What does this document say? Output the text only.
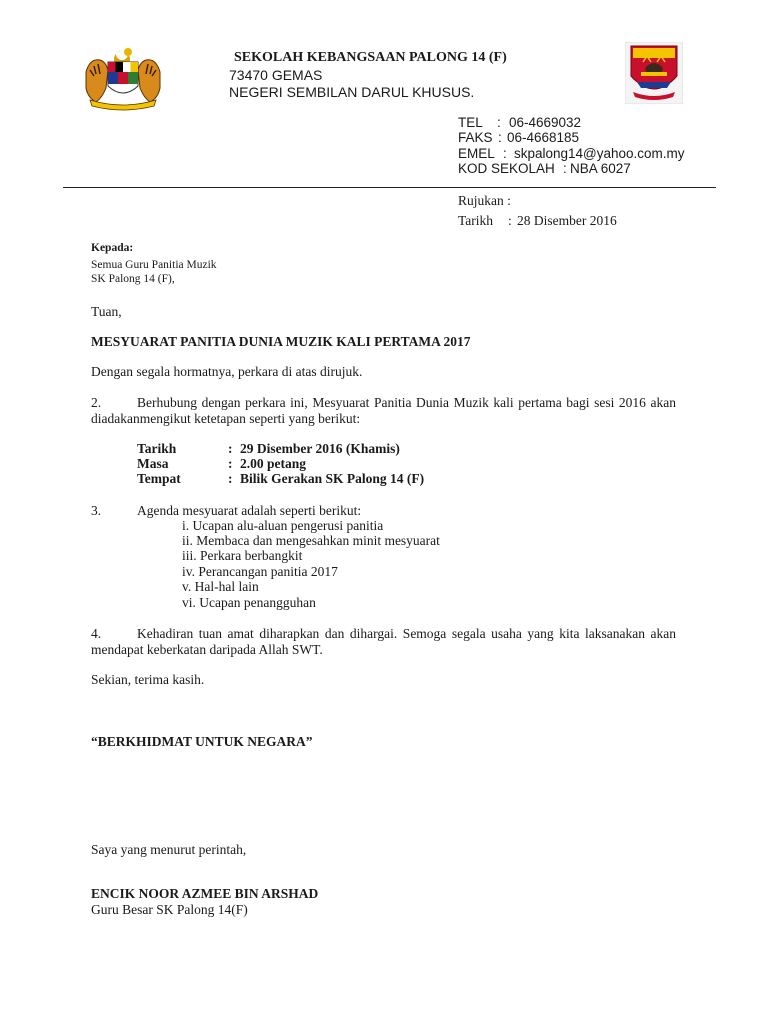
SEKOLAH KEBANGSAAN PALONG 14 (F)
73470 GEMAS
NEGERI SEMBILAN DARUL KHUSUS.
TEL : 06-4669032
FAKS : 06-4668185
EMEL : skpalong14@yahoo.com.my
KOD SEKOLAH : NBA 6027
Rujukan :
Tarikh : 28 Disember 2016
Kepada:
Semua Guru Panitia Muzik
SK Palong 14 (F),
Tuan,
MESYUARAT PANITIA DUNIA MUZIK KALI PERTAMA 2017
Dengan segala hormatnya, perkara di atas dirujuk.
2.	Berhubung dengan perkara ini, Mesyuarat Panitia Dunia Muzik kali pertama bagi sesi 2016 akan diadakanmengikut ketetapan seperti yang berikut:
Tarikh	: 29 Disember 2016 (Khamis)
Masa	: 2.00 petang
Tempat	: Bilik Gerakan SK Palong 14 (F)
3.	Agenda mesyuarat adalah seperti berikut:
i. Ucapan alu-aluan pengerusi panitia
ii. Membaca dan mengesahkan minit mesyuarat
iii. Perkara berbangkit
iv. Perancangan panitia 2017
v. Hal-hal lain
vi. Ucapan penangguhan
4.	Kehadiran tuan amat diharapkan dan dihargai. Semoga segala usaha yang kita laksanakan akan mendapat keberkatan daripada Allah SWT.
Sekian, terima kasih.
“BERKHIDMAT UNTUK NEGARA”
Saya yang menurut perintah,
ENCIK NOOR AZMEE BIN ARSHAD
Guru Besar SK Palong 14(F)
